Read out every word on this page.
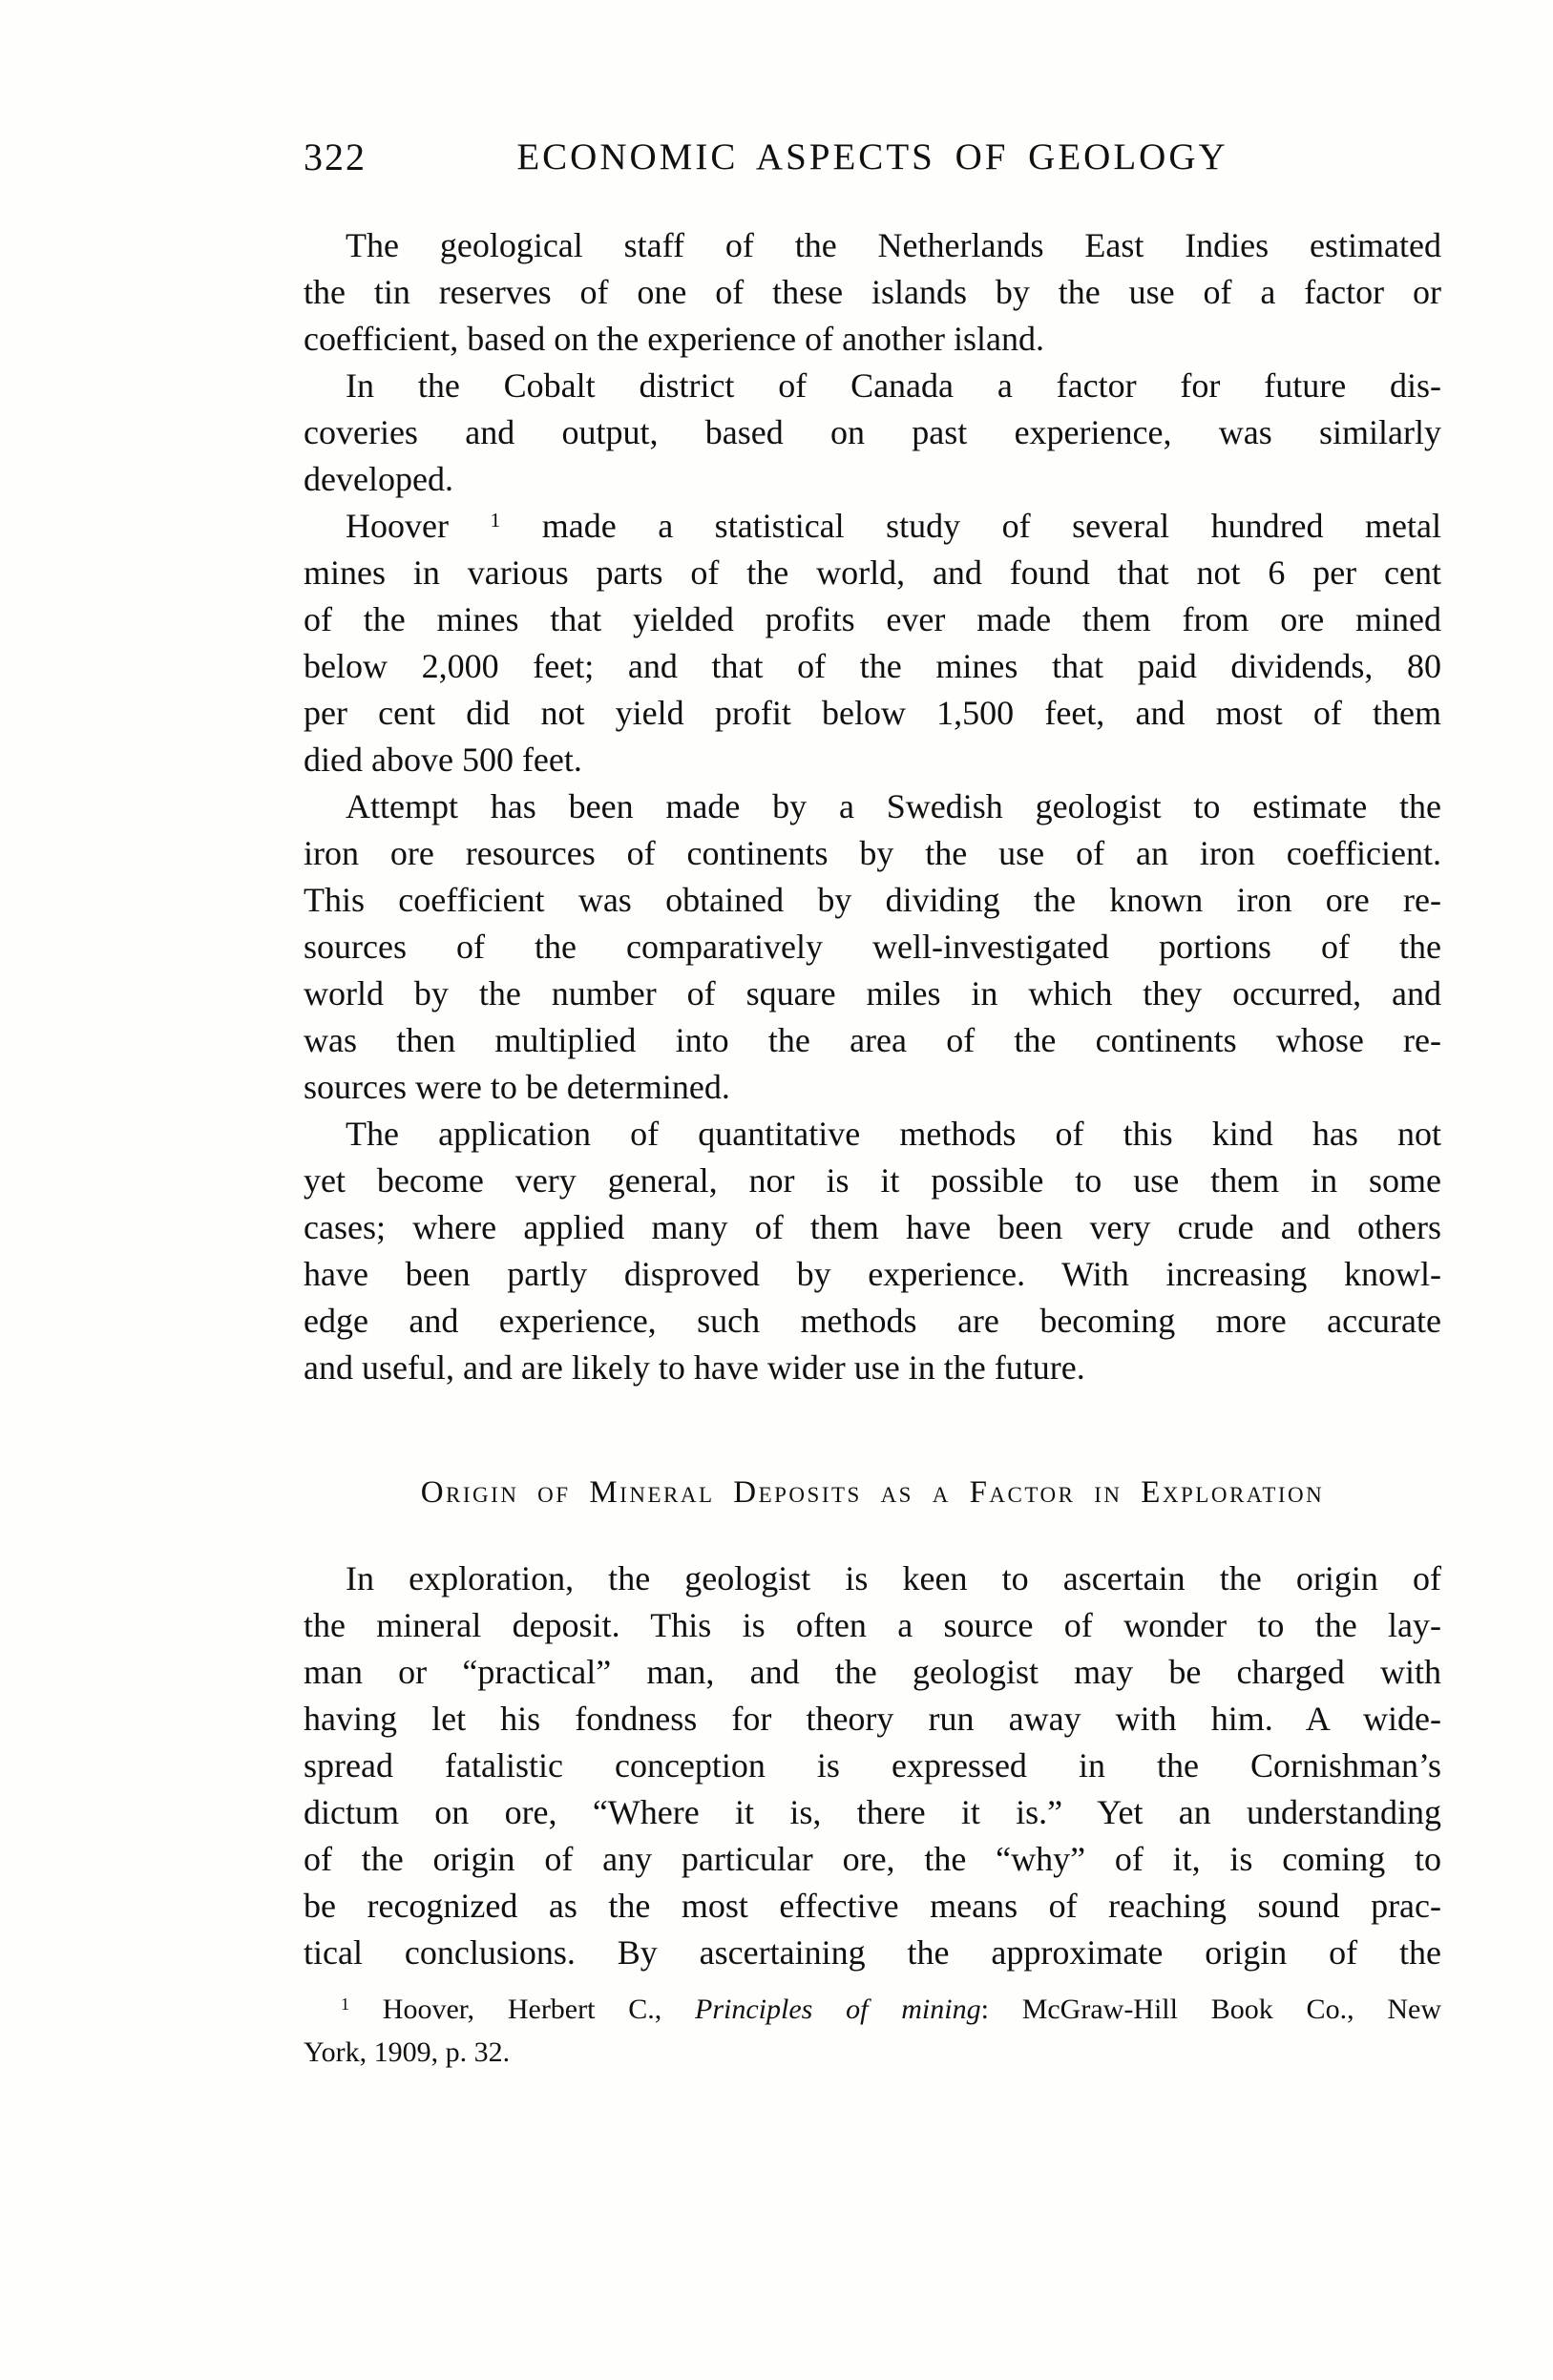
322	ECONOMIC ASPECTS OF GEOLOGY
The geological staff of the Netherlands East Indies estimated
the tin reserves of one of these islands by the use of a factor or
coefficient, based on the experience of another island.
In the Cobalt district of Canada a factor for future dis-
coveries and output, based on past experience, was similarly
developed.
Hoover $^1$ made a statistical study of several hundred metal
mines in various parts of the world, and found that not 6 per cent
of the mines that yielded profits ever made them from ore mined
below 2,000 feet; and that of the mines that paid dividends, 80
per cent did not yield profit below 1,500 feet, and most of them
died above 500 feet.
Attempt has been made by a Swedish geologist to estimate the
iron ore resources of continents by the use of an iron coefficient.
This coefficient was obtained by dividing the known iron ore re-
sources of the comparatively well-investigated portions of the
world by the number of square miles in which they occurred, and
was then multiplied into the area of the continents whose re-
sources were to be determined.
The application of quantitative methods of this kind has not
yet become very general, nor is it possible to use them in some
cases; where applied many of them have been very crude and others
have been partly disproved by experience. With increasing knowl-
edge and experience, such methods are becoming more accurate
and useful, and are likely to have wider use in the future.
Origin of Mineral Deposits as a Factor in Exploration
In exploration, the geologist is keen to ascertain the origin of
the mineral deposit. This is often a source of wonder to the lay-
man or “practical” man, and the geologist may be charged with
having let his fondness for theory run away with him. A wide-
spread fatalistic conception is expressed in the Cornishman’s
dictum on ore, “Where it is, there it is.” Yet an understanding
of the origin of any particular ore, the “why” of it, is coming to
be recognized as the most effective means of reaching sound prac-
tical conclusions. By ascertaining the approximate origin of the
$^1$ Hoover, Herbert C., Principles of mining: McGraw-Hill Book Co., New
York, 1909, p. 32.
